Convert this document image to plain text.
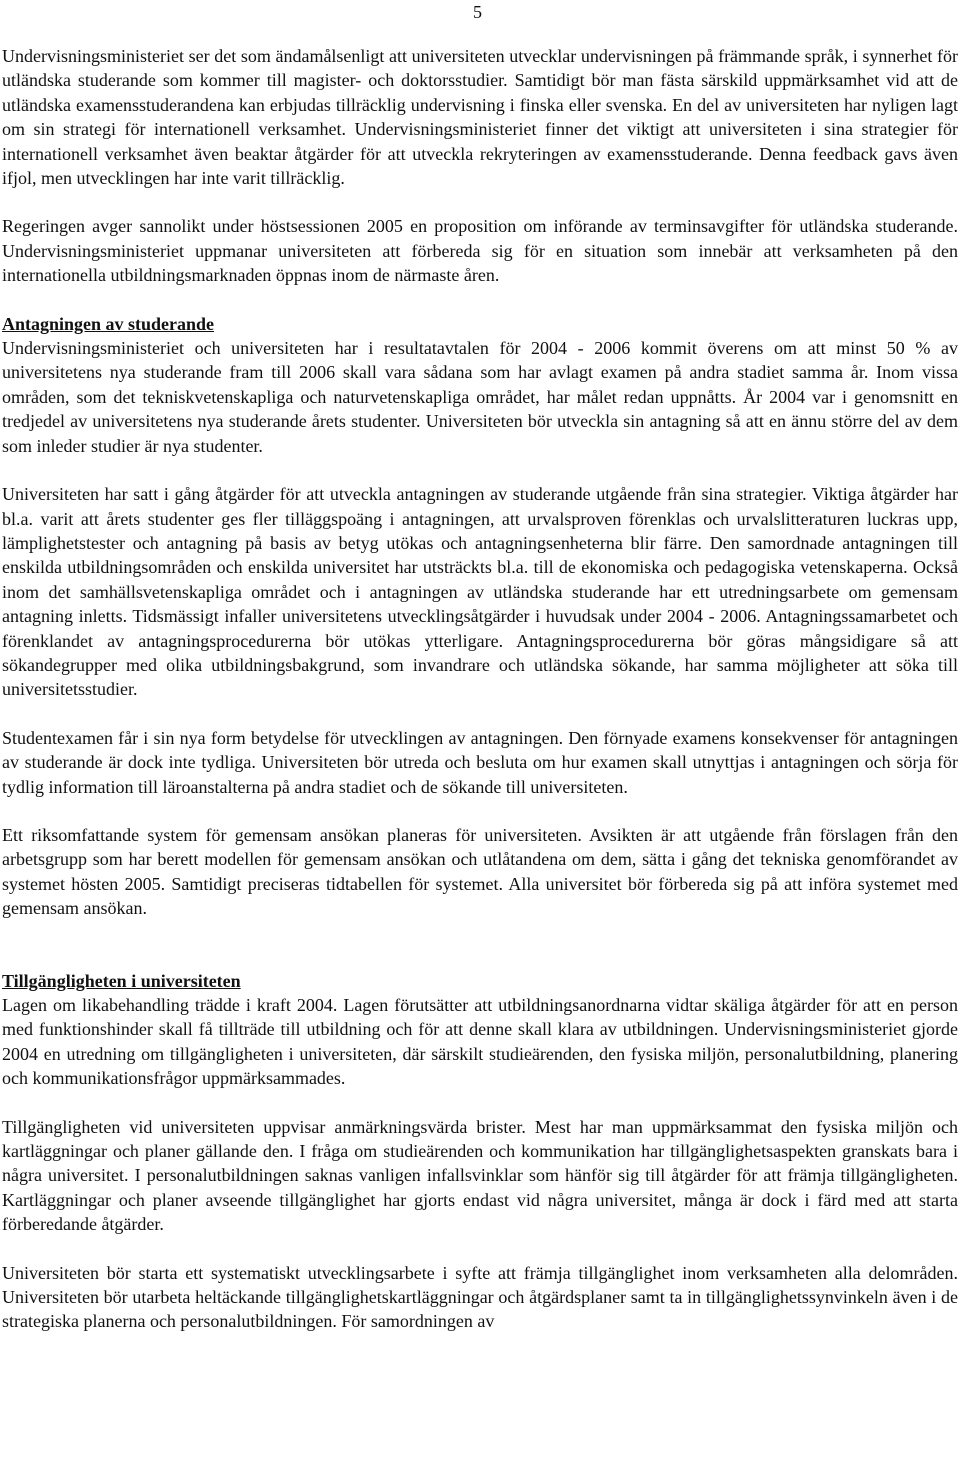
5

Undervisningsministeriet ser det som ändamålsenligt att universiteten utvecklar undervisningen på främmande språk, i synnerhet för utländska studerande som kommer till magister- och doktorsstudier. Samtidigt bör man fästa särskild uppmärksamhet vid att de utländska examensstuderandena kan erbjudas tillräcklig undervisning i finska eller svenska. En del av universiteten har nyligen lagt om sin strategi för internationell verksamhet. Undervisningsministeriet finner det viktigt att universiteten i sina strategier för internationell verksamhet även beaktar åtgärder för att utveckla rekryteringen av examensstuderande. Denna feedback gavs även ifjol, men utvecklingen har inte varit tillräcklig.

Regeringen avger sannolikt under höstsessionen 2005 en proposition om införande av terminsavgifter för utländska studerande. Undervisningsministeriet uppmanar universiteten att förbereda sig för en situation som innebär att verksamheten på den internationella utbildningsmarknaden öppnas inom de närmaste åren.

Antagningen av studerande

Undervisningsministeriet och universiteten har i resultatavtalen för 2004 - 2006 kommit överens om att minst 50 % av universitetens nya studerande fram till 2006 skall vara sådana som har avlagt examen på andra stadiet samma år. Inom vissa områden, som det tekniskvetenskapliga och naturvetenskapliga området, har målet redan uppnåtts. År 2004 var i genomsnitt en tredjedel av universitetens nya studerande årets studenter. Universiteten bör utveckla sin antagning så att en ännu större del av dem som inleder studier är nya studenter.

Universiteten har satt i gång åtgärder för att utveckla antagningen av studerande utgående från sina strategier. Viktiga åtgärder har bl.a. varit att årets studenter ges fler tilläggspoäng i antagningen, att urvalsproven förenklas och urvalslitteraturen luckras upp, lämplighetstester och antagning på basis av betyg utökas och antagningsenheterna blir färre. Den samordnade antagningen till enskilda utbildningsområden och enskilda universitet har utsträckts bl.a. till de ekonomiska och pedagogiska vetenskaperna. Också inom det samhällsvetenskapliga området och i antagningen av utländska studerande har ett utredningsarbete om gemensam antagning inletts. Tidsmässigt infaller universitetens utvecklingsåtgärder i huvudsak under 2004 - 2006. Antagningssamarbetet och förenklandet av antagningsprocedurerna bör utökas ytterligare. Antagningsprocedurerna bör göras mångsidigare så att sökandegrupper med olika utbildningsbakgrund, som invandrare och utländska sökande, har samma möjligheter att söka till universitetsstudier.

Studentexamen får i sin nya form betydelse för utvecklingen av antagningen. Den förnyade examens konsekvenser för antagningen av studerande är dock inte tydliga. Universiteten bör utreda och besluta om hur examen skall utnyttjas i antagningen och sörja för tydlig information till läroanstalterna på andra stadiet och de sökande till universiteten.

Ett riksomfattande system för gemensam ansökan planeras för universiteten. Avsikten är att utgående från förslagen från den arbetsgrupp som har berett modellen för gemensam ansökan och utlåtandena om dem, sätta i gång det tekniska genomförandet av systemet hösten 2005. Samtidigt preciseras tidtabellen för systemet. Alla universitet bör förbereda sig på att införa systemet med gemensam ansökan.

Tillgängligheten i universiteten

Lagen om likabehandling trädde i kraft 2004. Lagen förutsätter att utbildningsanordnarna vidtar skäliga åtgärder för att en person med funktionshinder skall få tillträde till utbildning och för att denne skall klara av utbildningen. Undervisningsministeriet gjorde 2004 en utredning om tillgängligheten i universiteten, där särskilt studieärenden, den fysiska miljön, personalutbildning, planering och kommunikationsfrågor uppmärksammades.

Tillgängligheten vid universiteten uppvisar anmärkningsvärda brister. Mest har man uppmärksammat den fysiska miljön och kartläggningar och planer gällande den. I fråga om studieärenden och kommunikation har tillgänglighetsaspekten granskats bara i några universitet. I personalutbildningen saknas vanligen infallsvinklar som hänför sig till åtgärder för att främja tillgängligheten. Kartläggningar och planer avseende tillgänglighet har gjorts endast vid några universitet, många är dock i färd med att starta förberedande åtgärder.

Universiteten bör starta ett systematiskt utvecklingsarbete i syfte att främja tillgänglighet inom verksamheten alla delområden. Universiteten bör utarbeta heltäckande tillgänglighetskartläggningar och åtgärdsplaner samt ta in tillgänglighetssynvinkeln även i de strategiska planerna och personalutbildningen. För samordningen av
